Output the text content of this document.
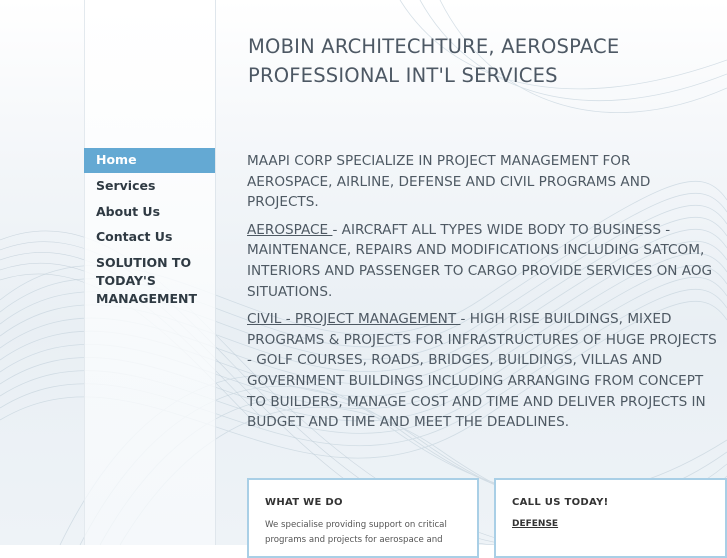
Home
Services
About Us
Contact Us
SOLUTION TO TODAY'S MANAGEMENT
MOBIN ARCHITECHTURE, AEROSPACE
PROFESSIONAL INT'L SERVICES

MAAPI CORP SPECIALIZE IN PROJECT MANAGEMENT FOR AEROSPACE, AIRLINE, DEFENSE AND CIVIL PROGRAMS AND PROJECTS.

AEROSPACE - AIRCRAFT ALL TYPES WIDE BODY TO BUSINESS - MAINTENANCE, REPAIRS AND MODIFICATIONS INCLUDING SATCOM, INTERIORS AND PASSENGER TO CARGO PROVIDE SERVICES ON AOG SITUATIONS.

CIVIL - PROJECT MANAGEMENT - HIGH RISE BUILDINGS, MIXED PROGRAMS & PROJECTS FOR INFRASTRUCTURES OF HUGE PROJECTS - GOLF COURSES, ROADS, BRIDGES, BUILDINGS, VILLAS AND GOVERNMENT BUILDINGS INCLUDING ARRANGING FROM CONCEPT TO BUILDERS, MANAGE COST AND TIME AND DELIVER PROJECTS IN BUDGET AND TIME AND MEET THE DEADLINES.

WHAT WE DO

We specialise providing support on critical programs and projects for aerospace and

CALL US TODAY!
DEFENSE
